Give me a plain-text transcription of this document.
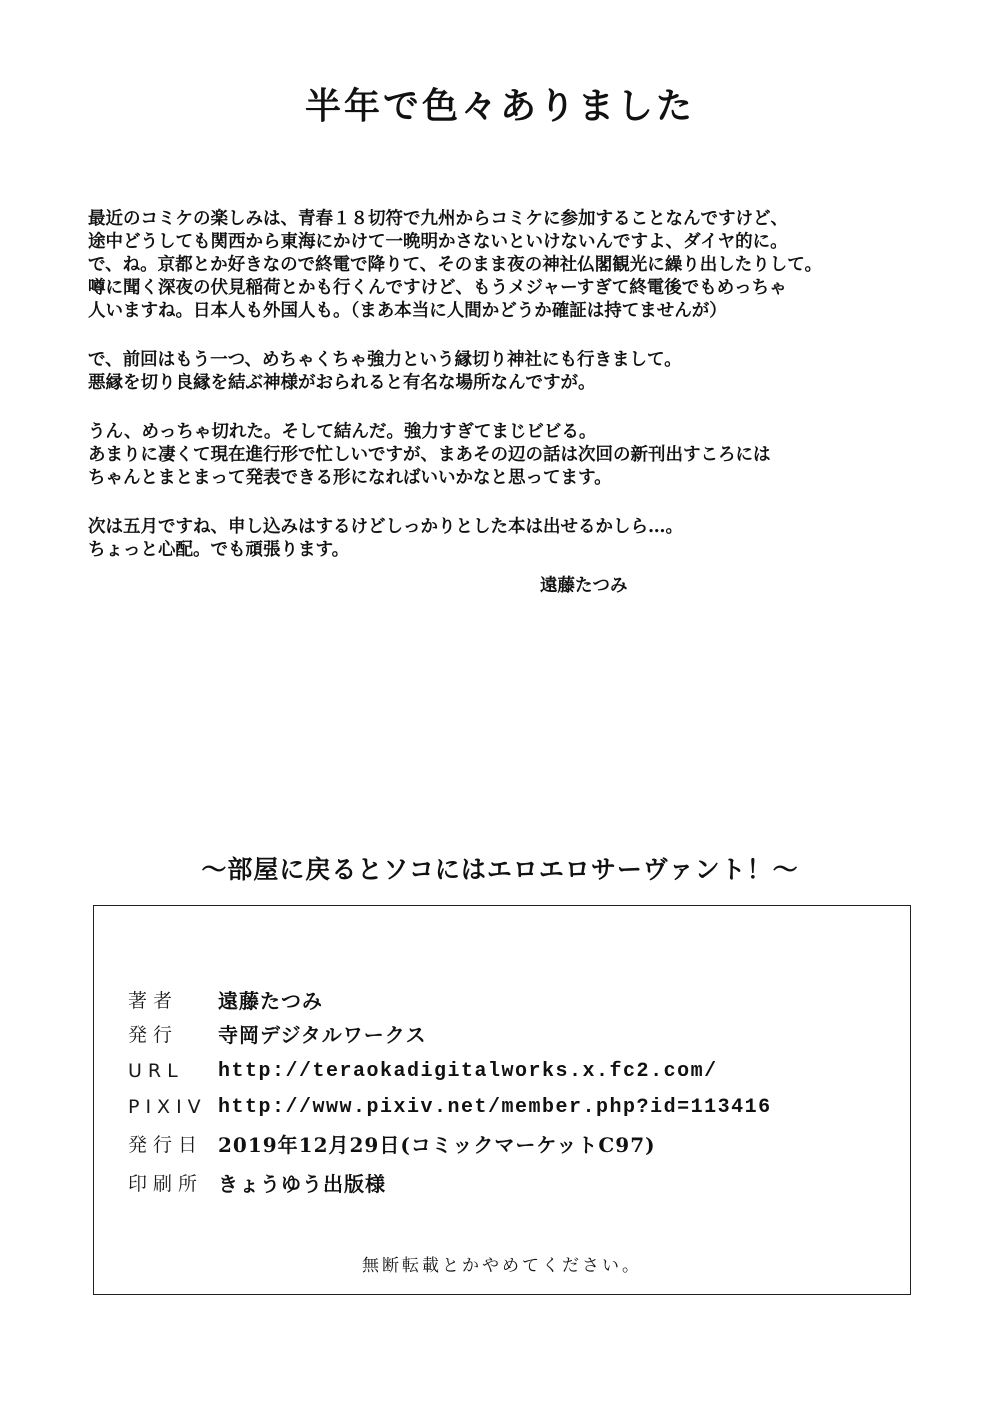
半年で色々ありました

最近のコミケの楽しみは、青春１８切符で九州からコミケに参加することなんですけど、
途中どうしても関西から東海にかけて一晩明かさないといけないんですよ、ダイヤ的に。
で、ね。京都とか好きなので終電で降りて、そのまま夜の神社仏閣観光に繰り出したりして。
噂に聞く深夜の伏見稲荷とかも行くんですけど、もうメジャーすぎて終電後でもめっちゃ
人いますね。日本人も外国人も。（まあ本当に人間かどうか確証は持てませんが）

で、前回はもう一つ、めちゃくちゃ強力という縁切り神社にも行きまして。
悪縁を切り良縁を結ぶ神様がおられると有名な場所なんですが。

うん、めっちゃ切れた。そして結んだ。強力すぎてまじビビる。
あまりに凄くて現在進行形で忙しいですが、まあその辺の話は次回の新刊出すころには
ちゃんとまとまって発表できる形になればいいかなと思ってます。

次は五月ですね、申し込みはするけどしっかりとした本は出せるかしら…。
ちょっと心配。でも頑張ります。

遠藤たつみ

～部屋に戻るとソコにはエロエロサーヴァント！～
著者	遠藤たつみ
発行	寺岡デジタルワークス
URL	http://teraokadigitalworks.x.fc2.com/
PIXIV http://www.pixiv.net/member.php?id=113416
発行日 2019年12月29日(コミックマーケットC97)
印刷所 きょうゆう出版様

無断転載とかやめてください。
